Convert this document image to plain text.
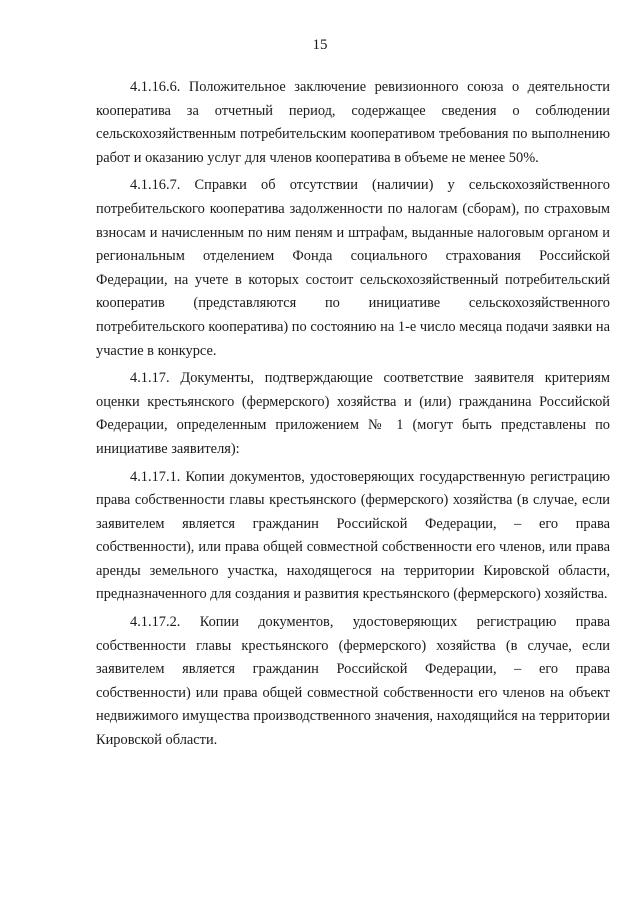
15

4.1.16.6. Положительное заключение ревизионного союза о деятельности кооператива за отчетный период, содержащее сведения о соблюдении сельскохозяйственным потребительским кооперативом требования по выполнению работ и оказанию услуг для членов кооператива в объеме не менее 50%.

4.1.16.7. Справки об отсутствии (наличии) у сельскохозяйственного потребительского кооператива задолженности по налогам (сборам), по страховым взносам и начисленным по ним пеням и штрафам, выданные налоговым органом и региональным отделением Фонда социального страхования Российской Федерации, на учете в которых состоит сельскохозяйственный потребительский кооператив (представляются по инициативе сельскохозяйственного потребительского кооператива) по состоянию на 1-е число месяца подачи заявки на участие в конкурсе.

4.1.17. Документы, подтверждающие соответствие заявителя критериям оценки крестьянского (фермерского) хозяйства и (или) гражданина Российской Федерации, определенным приложением № 1 (могут быть представлены по инициативе заявителя):

4.1.17.1. Копии документов, удостоверяющих государственную регистрацию права собственности главы крестьянского (фермерского) хозяйства (в случае, если заявителем является гражданин Российской Федерации, – его права собственности), или права общей совместной собственности его членов, или права аренды земельного участка, находящегося на территории Кировской области, предназначенного для создания и развития крестьянского (фермерского) хозяйства.

4.1.17.2. Копии документов, удостоверяющих регистрацию права собственности главы крестьянского (фермерского) хозяйства (в случае, если заявителем является гражданин Российской Федерации, – его права собственности) или права общей совместной собственности его членов на объект недвижимого имущества производственного значения, находящийся на территории Кировской области.
